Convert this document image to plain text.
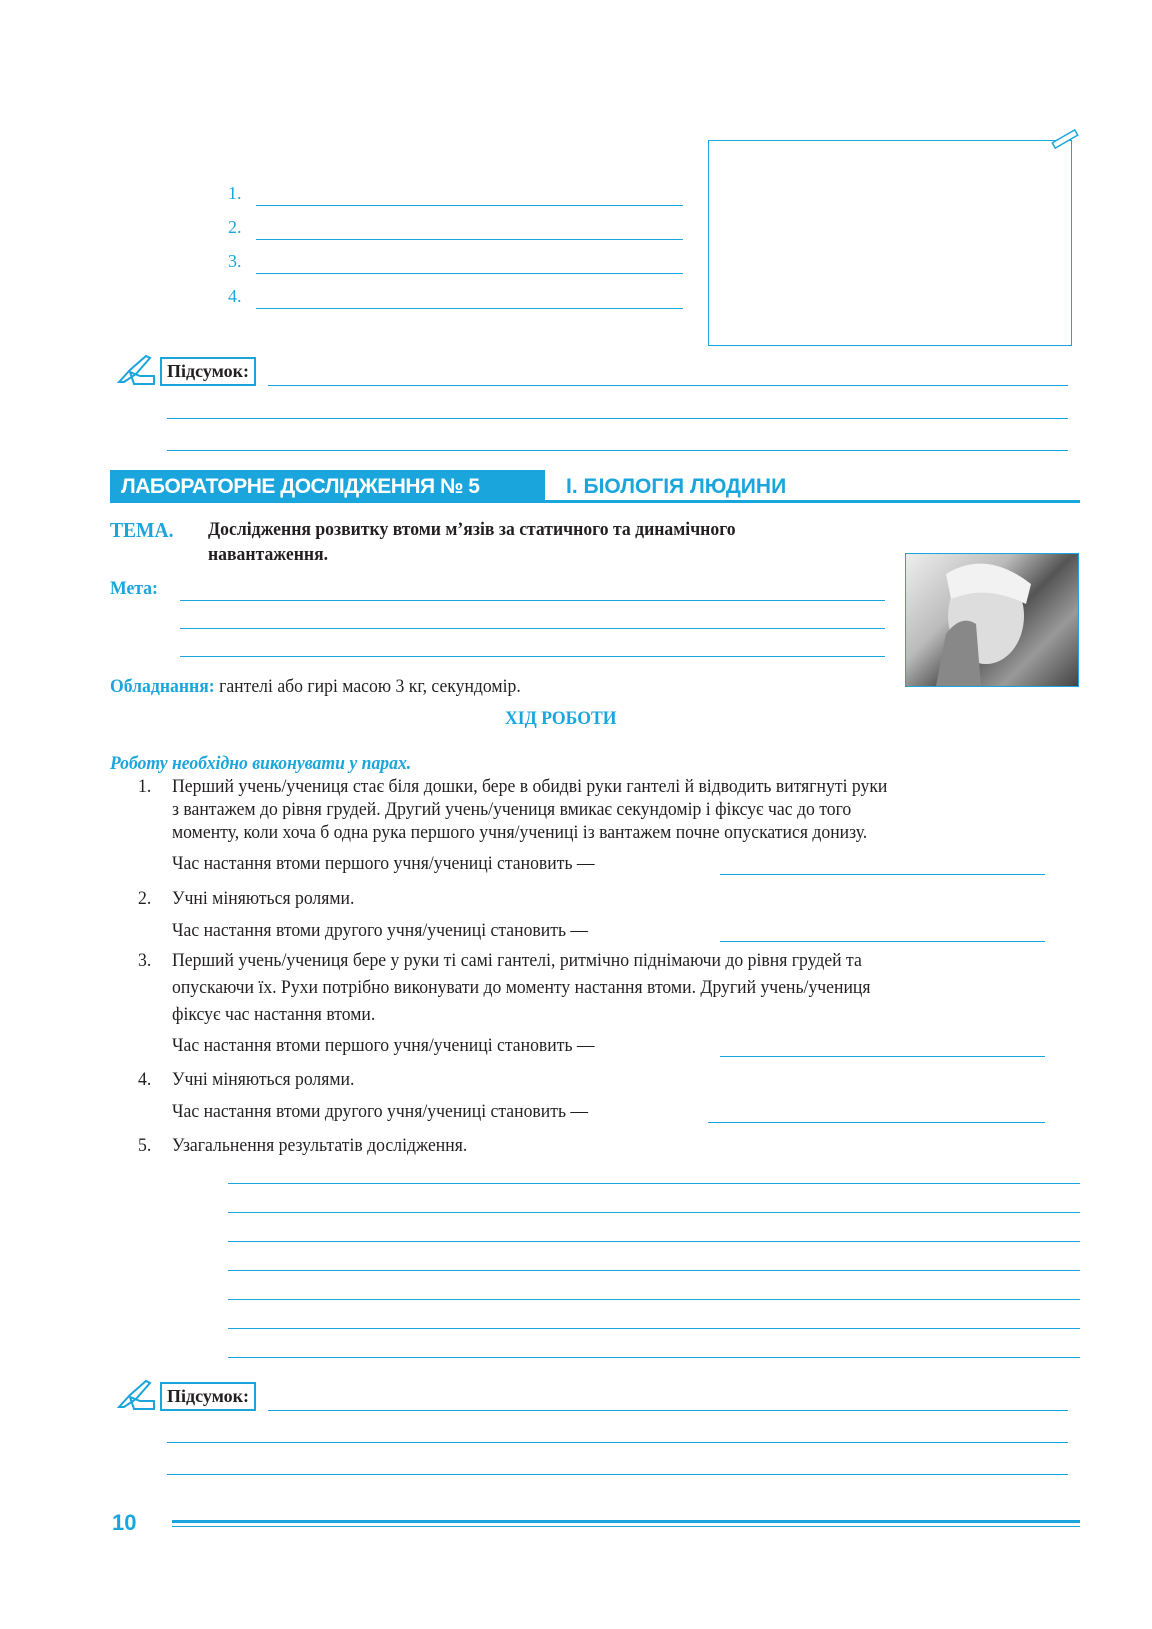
1.
2.
3.
4.
Підсумок:
ЛАБОРАТОРНЕ ДОСЛІДЖЕННЯ № 5	І. БІОЛОГІЯ ЛЮДИНИ
ТЕМА. Дослідження розвитку втоми м’язів за статичного та динамічного
навантаження.
Мета:
Обладнання: гантелі або гирі масою 3 кг, секундомір.
ХІД РОБОТИ
Роботу необхідно виконувати у парах.
1. Перший учень/учениця стає біля дошки, бере в обидві руки гантелі й відводить витягнуті руки
з вантажем до рівня грудей. Другий учень/учениця вмикає секундомір і фіксує час до того
моменту, коли хоча б одна рука першого учня/учениці із вантажем почне опускатися донизу.
Час настання втоми першого учня/учениці становить —
2. Учні міняються ролями.
Час настання втоми другого учня/учениці становить —
3. Перший учень/учениця бере у руки ті самі гантелі, ритмічно піднімаючи до рівня грудей та
опускаючи їх. Рухи потрібно виконувати до моменту настання втоми. Другий учень/учениця
фіксує час настання втоми.
Час настання втоми першого учня/учениці становить —
4. Учні міняються ролями.
Час настання втоми другого учня/учениці становить —
5. Узагальнення результатів дослідження.
Підсумок:
10
